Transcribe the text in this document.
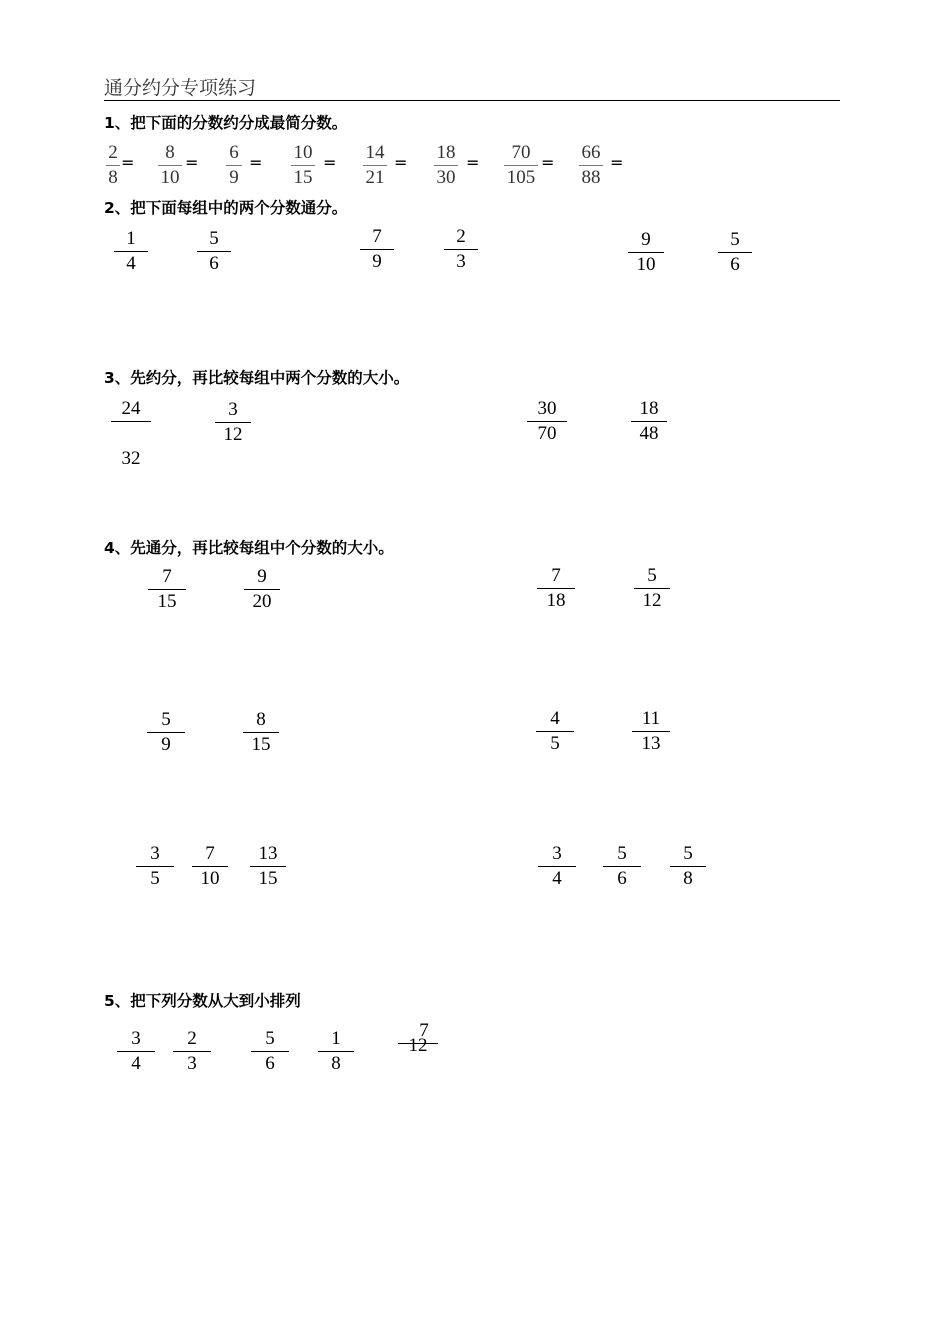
通分约分专项练习
1、把下面的分数约分成最简分数。
2
8
= 8
10
= 6
9
= 10
15
= 14
21
= 18
30
= 70
105
= 66
88
=
2、把下面每组中的两个分数通分。
1
4
5
6
7
9
2
3
9
10
5
6
3、先约分，再比较每组中两个分数的大小。
24
32
3
12
30
70
18
48
4、先通分，再比较每组中个分数的大小。
7
15
9
20
7
18
5
12
5
9
8
15
4
5
11
13
3
5
7
10
13
15
3
4
5
6
5
8
5、把下列分数从大到小排列
3
4
2
3
5
6
1
8
7
12
